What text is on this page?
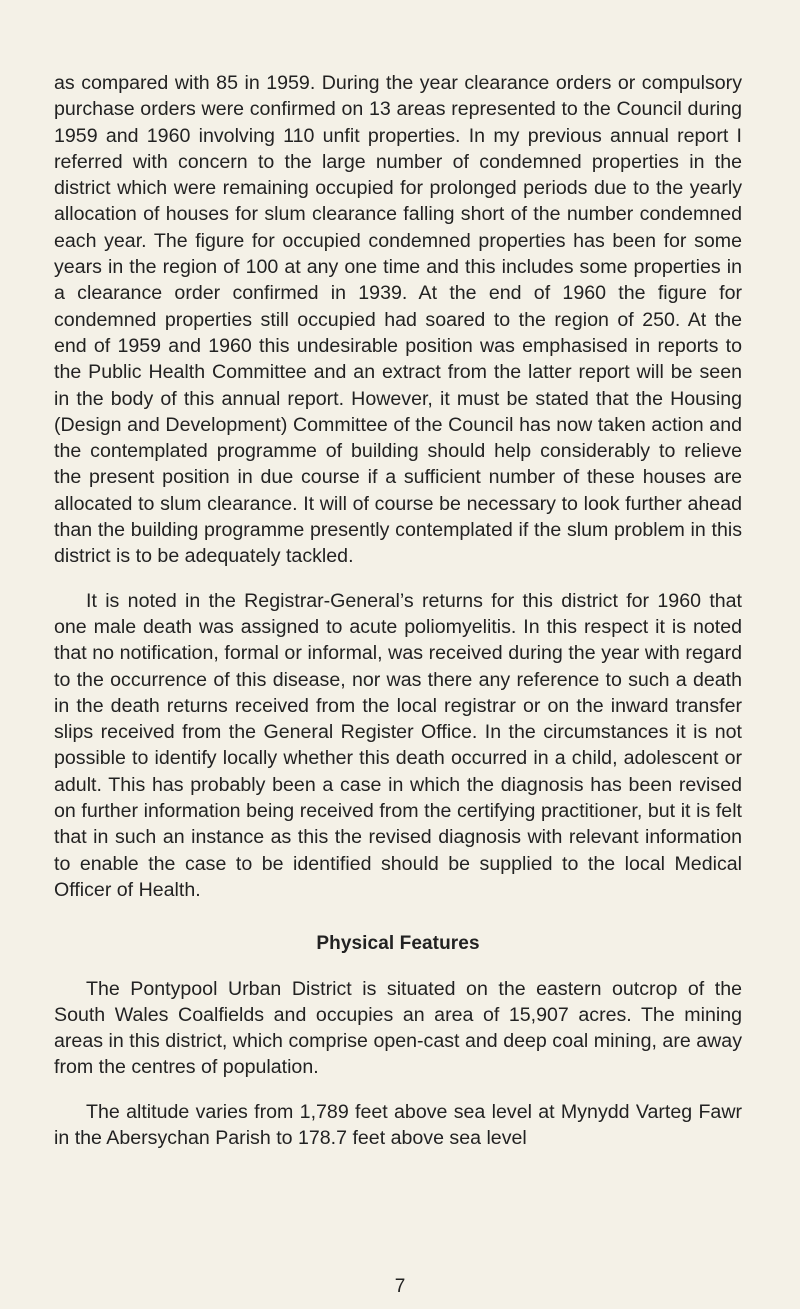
as compared with 85 in 1959. During the year clearance orders or compulsory purchase orders were confirmed on 13 areas represented to the Council during 1959 and 1960 involving 110 unfit properties. In my previous annual report I referred with concern to the large number of condemned properties in the district which were remaining occupied for prolonged periods due to the yearly allocation of houses for slum clearance falling short of the number condemned each year. The figure for occupied condemned properties has been for some years in the region of 100 at any one time and this includes some properties in a clearance order confirmed in 1939. At the end of 1960 the figure for condemned properties still occupied had soared to the region of 250. At the end of 1959 and 1960 this undesirable position was emphasised in reports to the Public Health Committee and an extract from the latter report will be seen in the body of this annual report. However, it must be stated that the Housing (Design and Development) Committee of the Council has now taken action and the contemplated programme of building should help considerably to relieve the present position in due course if a sufficient number of these houses are allocated to slum clearance. It will of course be necessary to look further ahead than the building programme presently contemplated if the slum problem in this district is to be adequately tackled.

It is noted in the Registrar-General’s returns for this district for 1960 that one male death was assigned to acute poliomyelitis. In this respect it is noted that no notification, formal or informal, was received during the year with regard to the occurrence of this disease, nor was there any reference to such a death in the death returns received from the local registrar or on the inward transfer slips received from the General Register Office. In the circumstances it is not possible to identify locally whether this death occurred in a child, adolescent or adult. This has probably been a case in which the diagnosis has been revised on further information being received from the certifying practitioner, but it is felt that in such an instance as this the revised diagnosis with relevant information to enable the case to be identified should be supplied to the local Medical Officer of Health.

Physical Features

The Pontypool Urban District is situated on the eastern outcrop of the South Wales Coalfields and occupies an area of 15,907 acres. The mining areas in this district, which comprise open-cast and deep coal mining, are away from the centres of population.

The altitude varies from 1,789 feet above sea level at Mynydd Varteg Fawr in the Abersychan Parish to 178.7 feet above sea level

7
